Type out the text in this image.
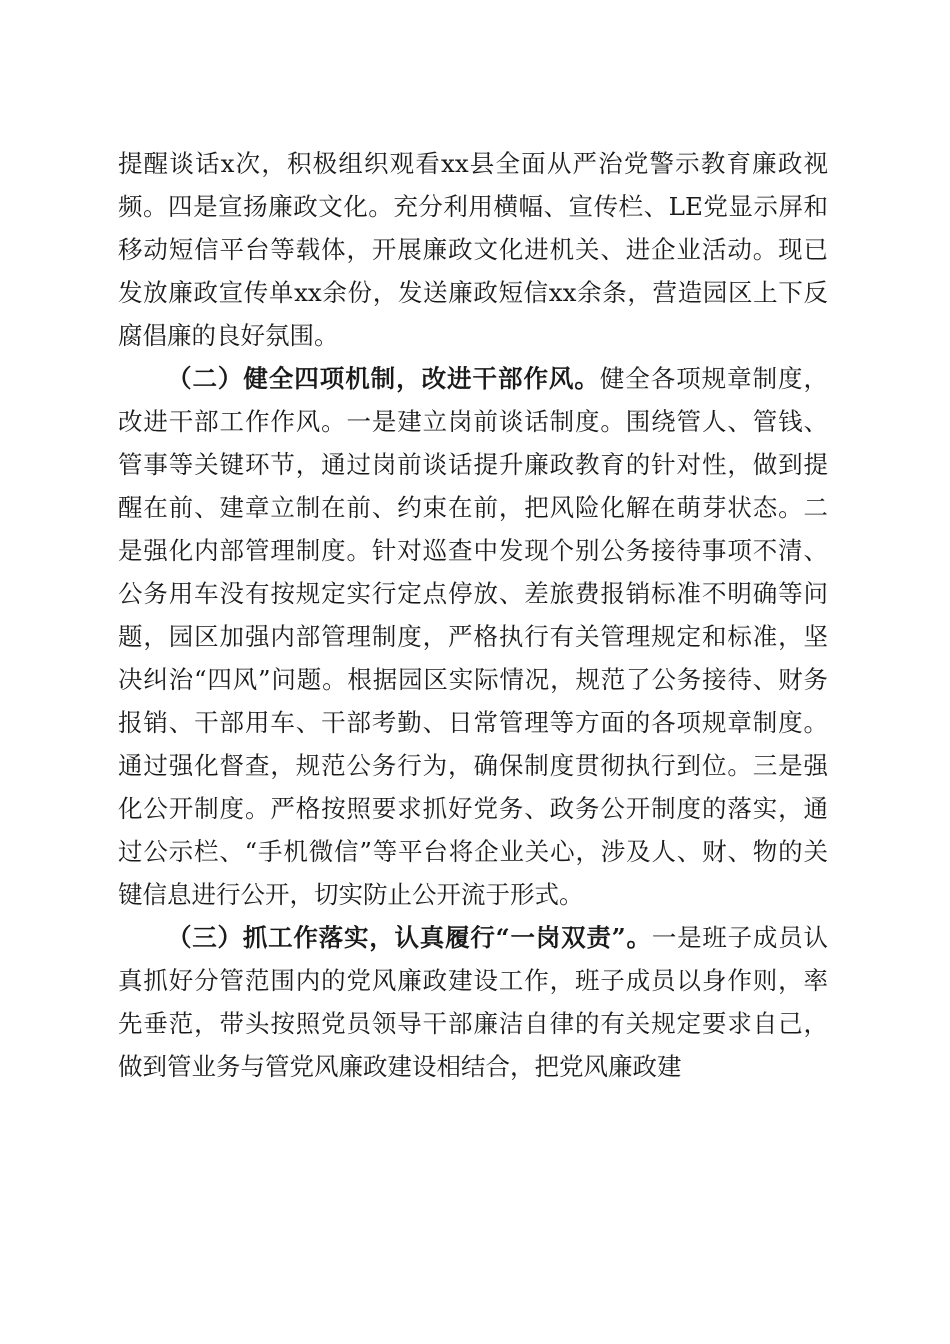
提醒谈话x次，积极组织观看xx县全面从严治党警示教育廉政视频。四是宣扬廉政文化。充分利用横幅、宣传栏、LE党显示屏和移动短信平台等载体，开展廉政文化进机关、进企业活动。现已发放廉政宣传单xx余份，发送廉政短信xx余条，营造园区上下反腐倡廉的良好氛围。

（二）健全四项机制，改进干部作风。健全各项规章制度，改进干部工作作风。一是建立岗前谈话制度。围绕管人、管钱、管事等关键环节，通过岗前谈话提升廉政教育的针对性，做到提醒在前、建章立制在前、约束在前，把风险化解在萌芽状态。二是强化内部管理制度。针对巡查中发现个别公务接待事项不清、公务用车没有按规定实行定点停放、差旅费报销标准不明确等问题，园区加强内部管理制度，严格执行有关管理规定和标准，坚决纠治“四风”问题。根据园区实际情况，规范了公务接待、财务报销、干部用车、干部考勤、日常管理等方面的各项规章制度。通过强化督查，规范公务行为，确保制度贯彻执行到位。三是强化公开制度。严格按照要求抓好党务、政务公开制度的落实，通过公示栏、“手机微信”等平台将企业关心，涉及人、财、物的关键信息进行公开，切实防止公开流于形式。

（三）抓工作落实，认真履行“一岗双责”。一是班子成员认真抓好分管范围内的党风廉政建设工作，班子成员以身作则，率先垂范，带头按照党员领导干部廉洁自律的有关规定要求自己，做到管业务与管党风廉政建设相结合，把党风廉政建
